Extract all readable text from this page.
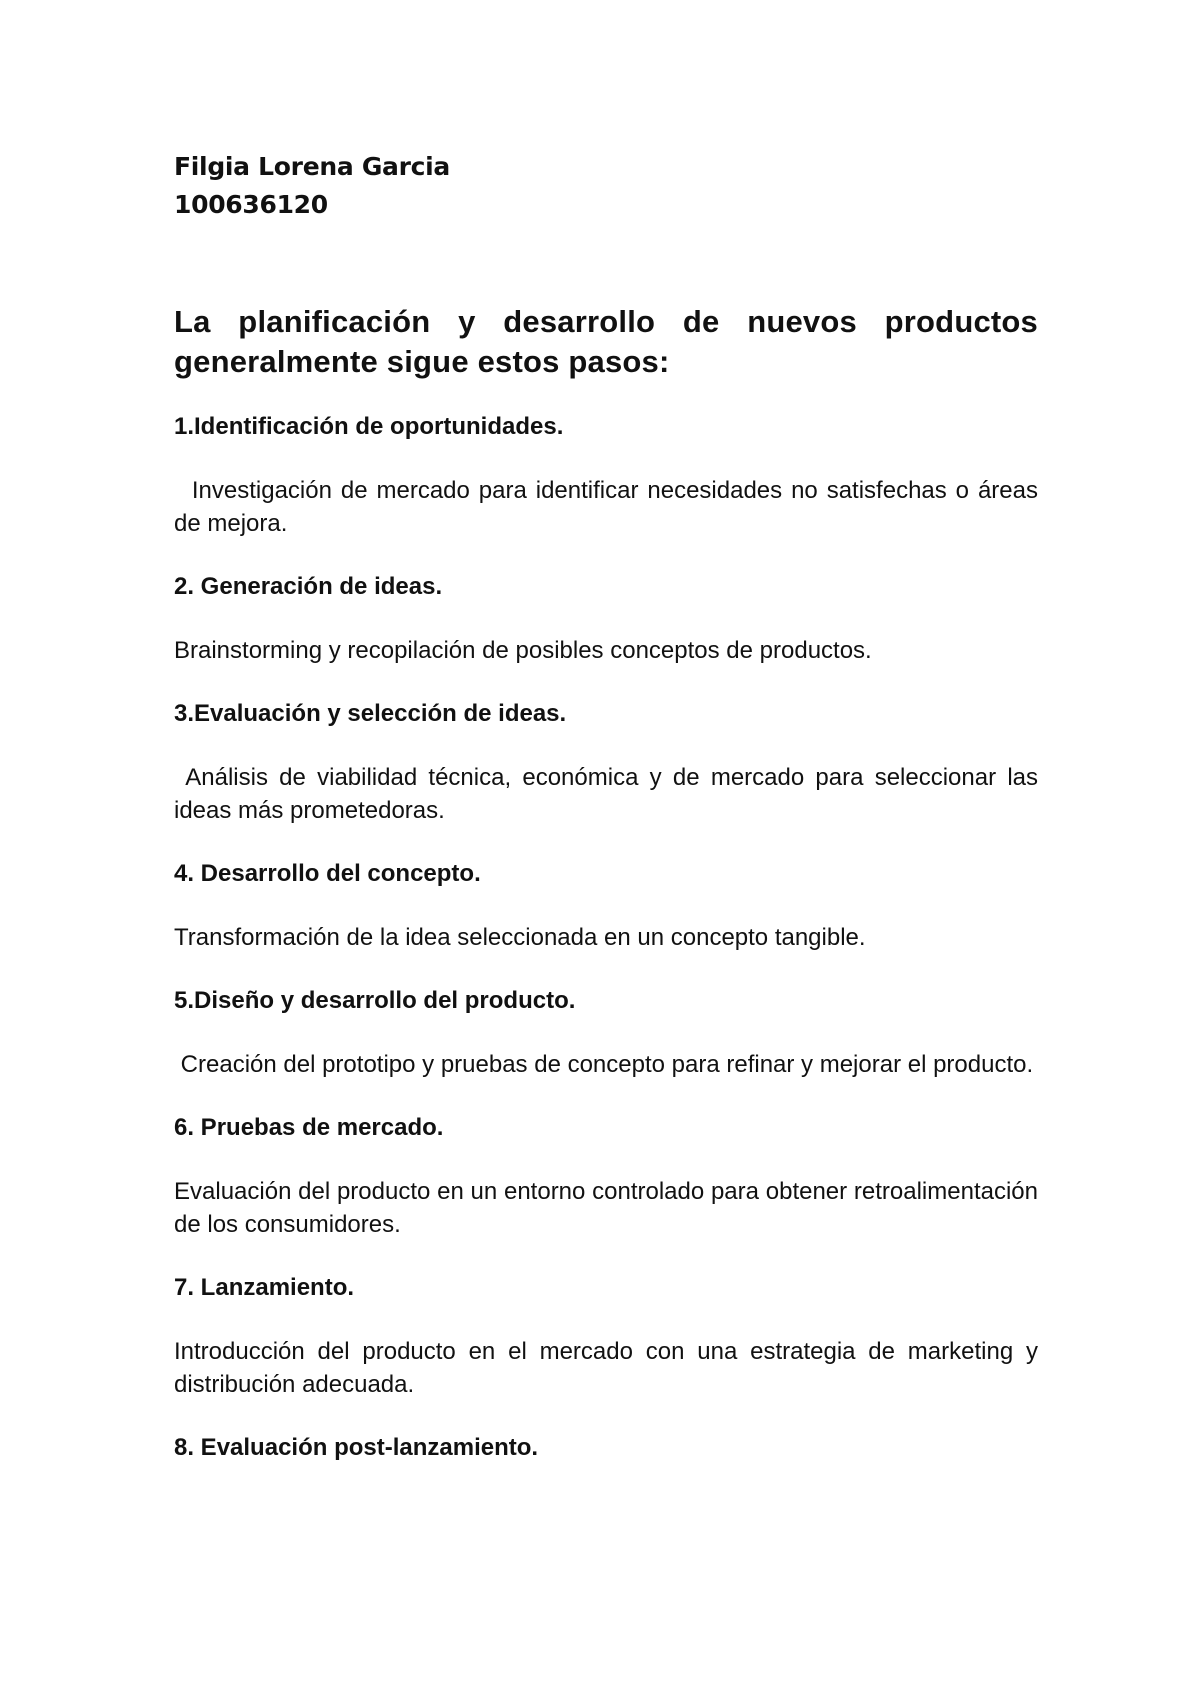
Filgia Lorena Garcia
100636120
La planificación y desarrollo de nuevos productos
generalmente sigue estos pasos:
1.Identificación de oportunidades.
Investigación de mercado para identificar necesidades no satisfechas o áreas de mejora.
2. Generación de ideas.
Brainstorming y recopilación de posibles conceptos de productos.
3.Evaluación y selección de ideas.
Análisis de viabilidad técnica, económica y de mercado para seleccionar las ideas más prometedoras.
4. Desarrollo del concepto.
Transformación de la idea seleccionada en un concepto tangible.
5.Diseño y desarrollo del producto.
Creación del prototipo y pruebas de concepto para refinar y mejorar el producto.
6. Pruebas de mercado.
Evaluación del producto en un entorno controlado para obtener retroalimentación de los consumidores.
7. Lanzamiento.
Introducción del producto en el mercado con una estrategia de marketing y distribución adecuada.
8. Evaluación post-lanzamiento.
